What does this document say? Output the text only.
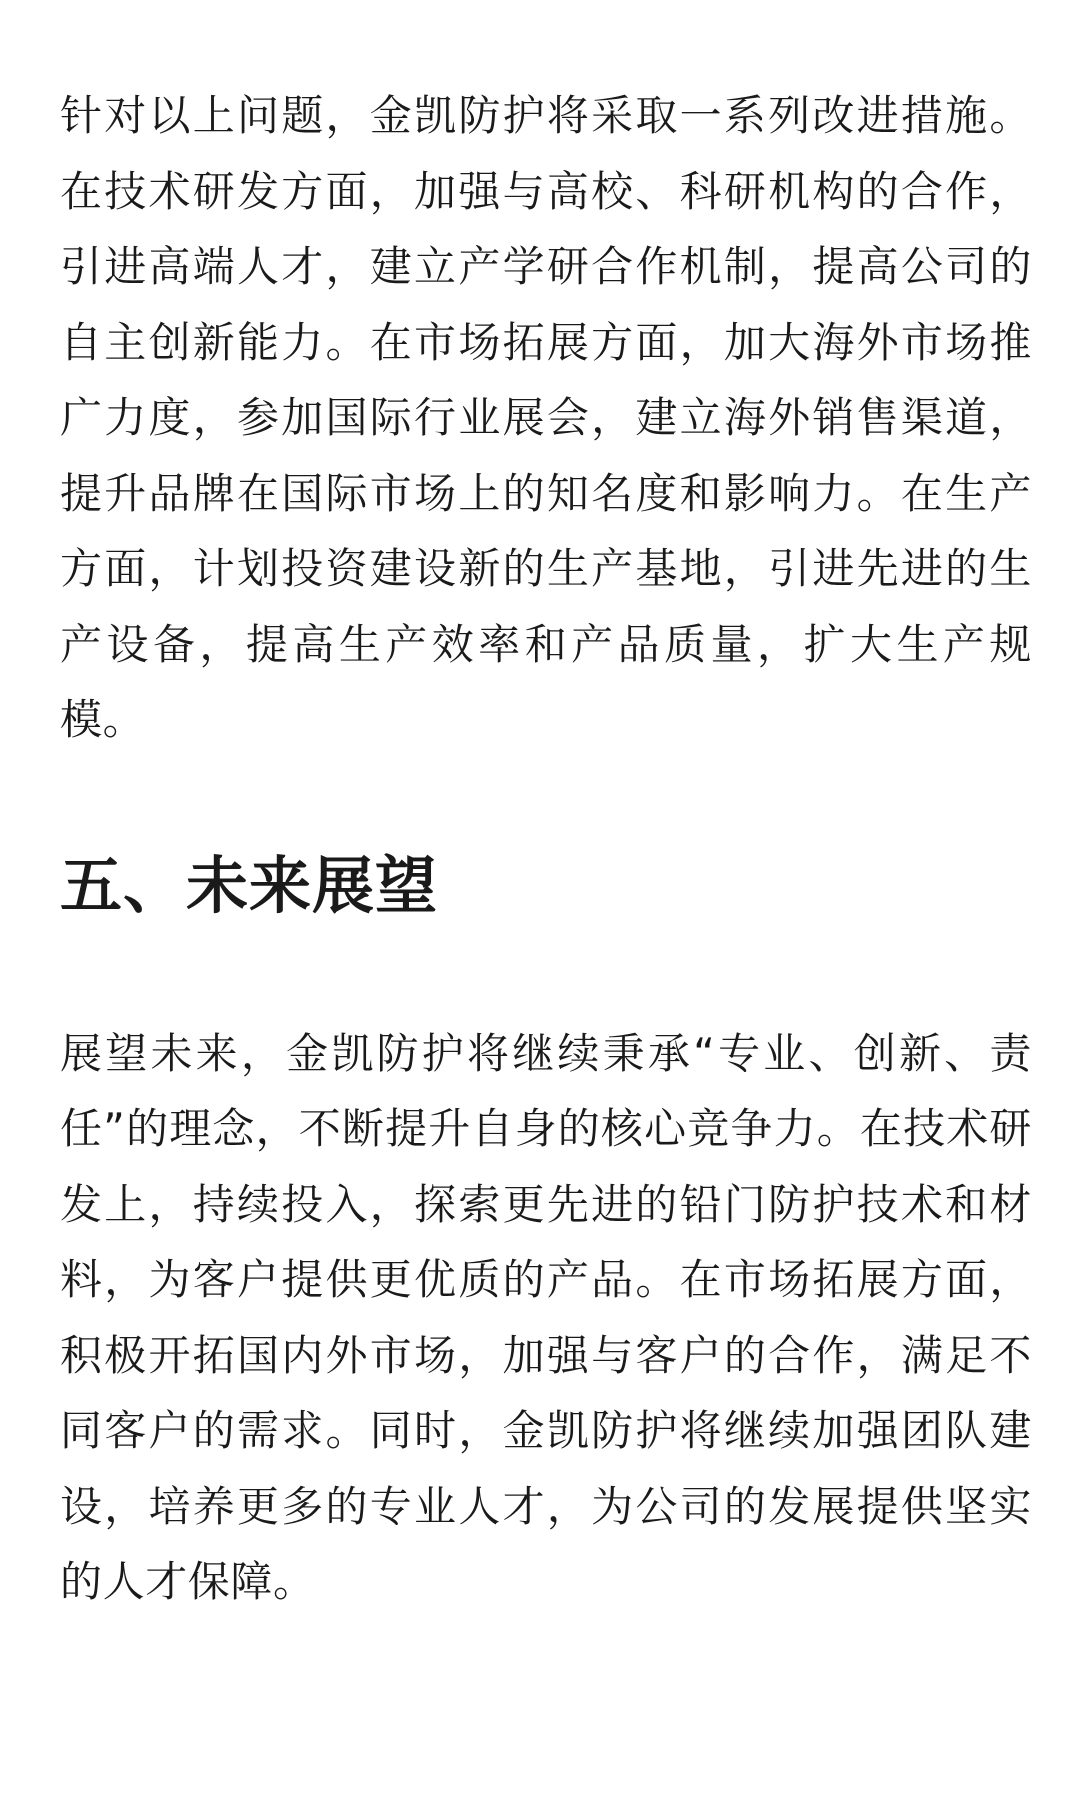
针对以上问题，金凯防护将采取一系列改进措施。在技术研发方面，加强与高校、科研机构的合作，引进高端人才，建立产学研合作机制，提高公司的自主创新能力。在市场拓展方面，加大海外市场推广力度，参加国际行业展会，建立海外销售渠道，提升品牌在国际市场上的知名度和影响力。在生产方面，计划投资建设新的生产基地，引进先进的生产设备，提高生产效率和产品质量，扩大生产规模。

五、未来展望

展望未来，金凯防护将继续秉承“专业、创新、责任”的理念，不断提升自身的核心竞争力。在技术研发上，持续投入，探索更先进的铅门防护技术和材料，为客户提供更优质的产品。在市场拓展方面，积极开拓国内外市场，加强与客户的合作，满足不同客户的需求。同时，金凯防护将继续加强团队建设，培养更多的专业人才，为公司的发展提供坚实的人才保障。
